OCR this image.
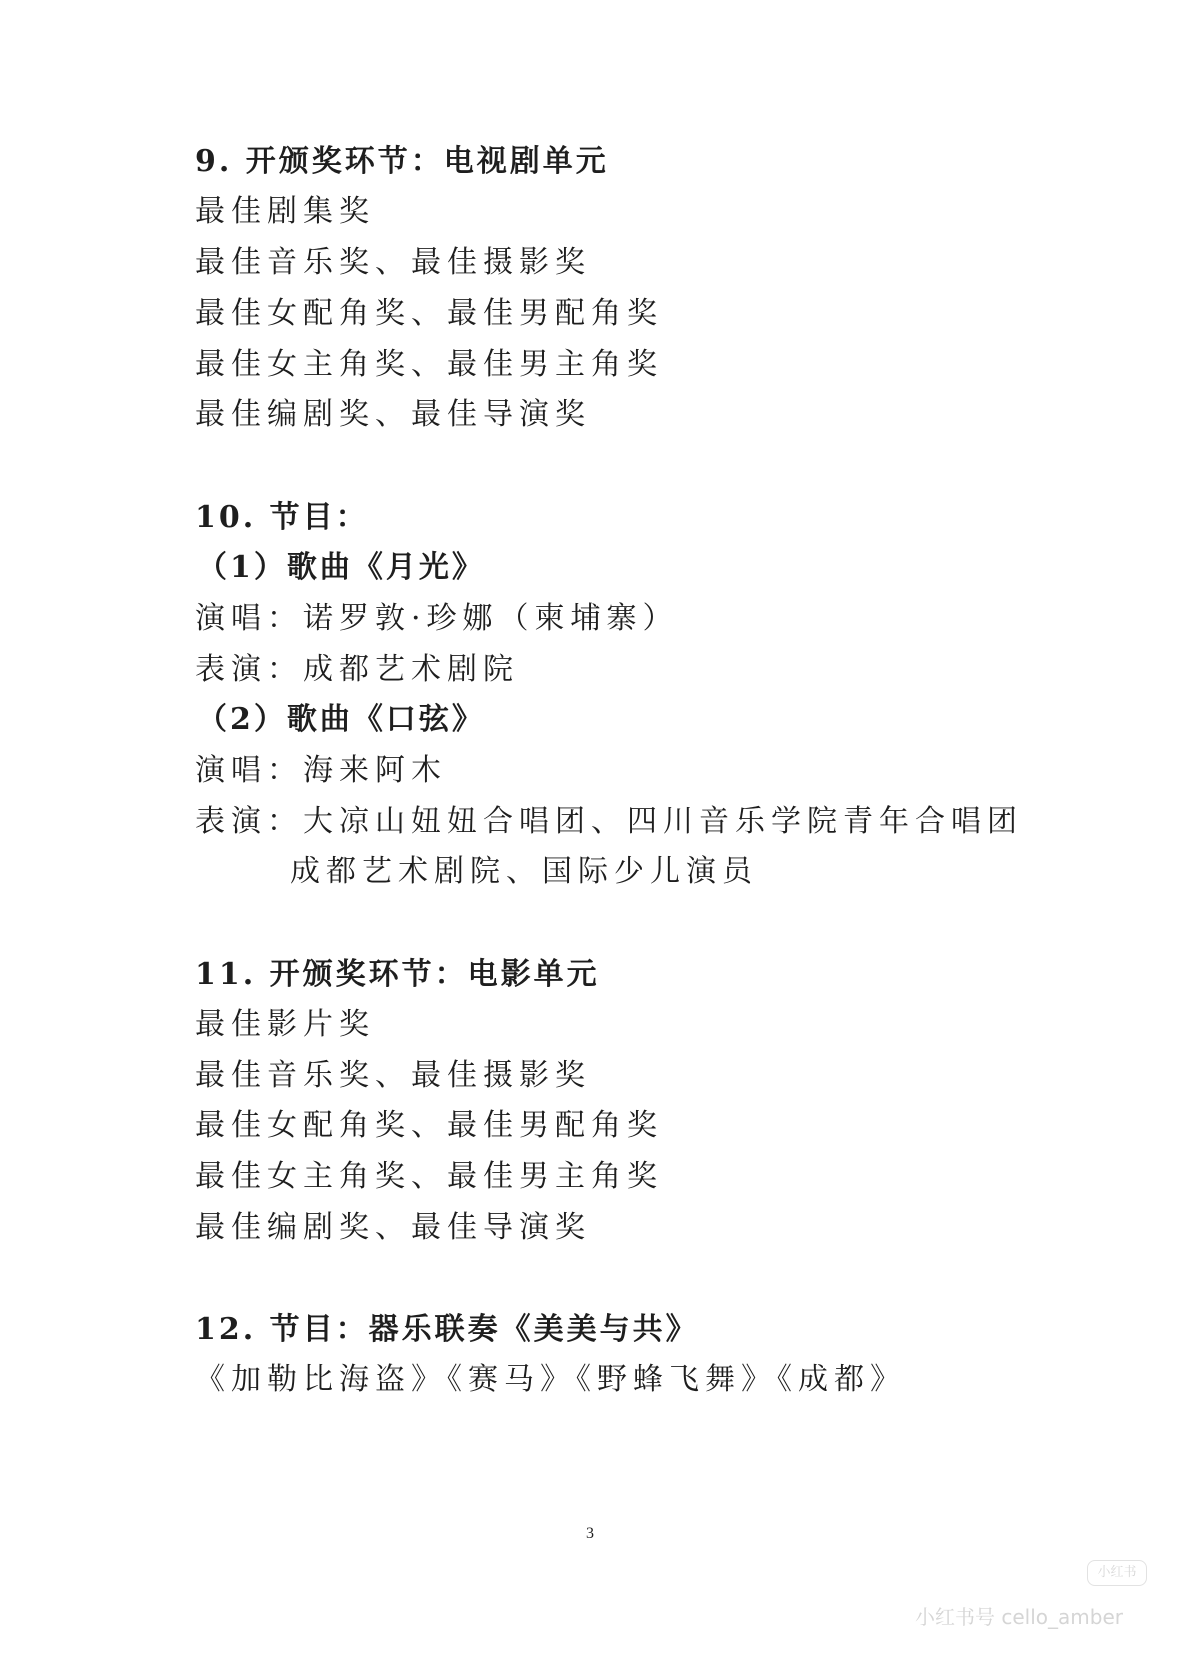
9. 开颁奖环节：电视剧单元

最佳剧集奖

最佳音乐奖、最佳摄影奖

最佳女配角奖、最佳男配角奖

最佳女主角奖、最佳男主角奖

最佳编剧奖、最佳导演奖

10. 节目：

（1）歌曲《月光》

演唱：诺罗敦·珍娜（柬埔寨）

表演：成都艺术剧院

（2）歌曲《口弦》

演唱：海来阿木

表演：大凉山妞妞合唱团、四川音乐学院青年合唱团

成都艺术剧院、国际少儿演员

11. 开颁奖环节：电影单元

最佳影片奖

最佳音乐奖、最佳摄影奖

最佳女配角奖、最佳男配角奖

最佳女主角奖、最佳男主角奖

最佳编剧奖、最佳导演奖

12. 节目：器乐联奏《美美与共》

《加勒比海盗》《赛马》《野蜂飞舞》《成都》

3
小红书
小红书号 cello_amber
